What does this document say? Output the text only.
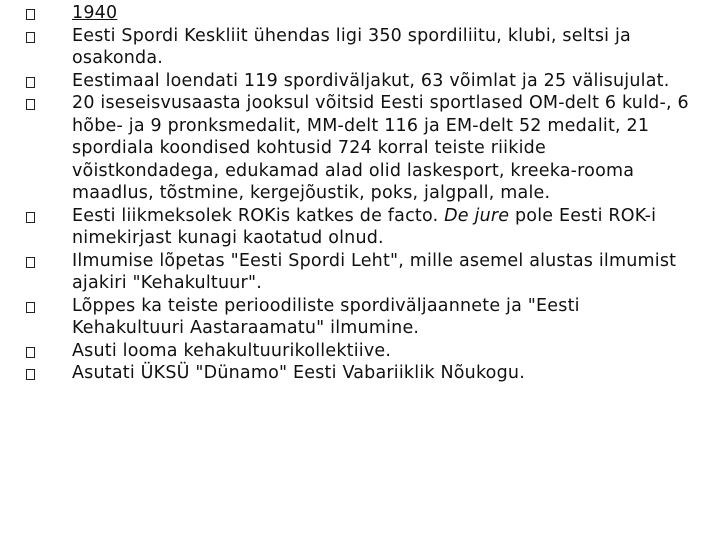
1940
Eesti Spordi Keskliit ühendas ligi 350 spordiliitu, klubi, seltsi ja osakonda.
Eestimaal loendati 119 spordiväljakut, 63 võimlat ja 25 välisujulat.
20 iseseisvusaasta jooksul võitsid Eesti sportlased OM-delt 6 kuld-, 6 hõbe- ja 9 pronksmedalit, MM-delt 116 ja EM-delt 52 medalit, 21 spordiala koondised kohtusid 724 korral teiste riikide võistkondadega, edukamad alad olid laskesport, kreeka-rooma maadlus, tõstmine, kergejõustik, poks, jalgpall, male.
Eesti liikmeksolek ROKis katkes de facto. De jure pole Eesti ROK-i nimekirjast kunagi kaotatud olnud.
Ilmumise lõpetas "Eesti Spordi Leht", mille asemel alustas ilmumist ajakiri "Kehakultuur".
Lõppes ka teiste perioodiliste spordiväljaannete ja "Eesti Kehakultuuri Aastaraamatu" ilmumine.
Asuti looma kehakultuurikollektiive.
Asutati ÜKSÜ "Dünamo" Eesti Vabariiklik Nõukogu.
